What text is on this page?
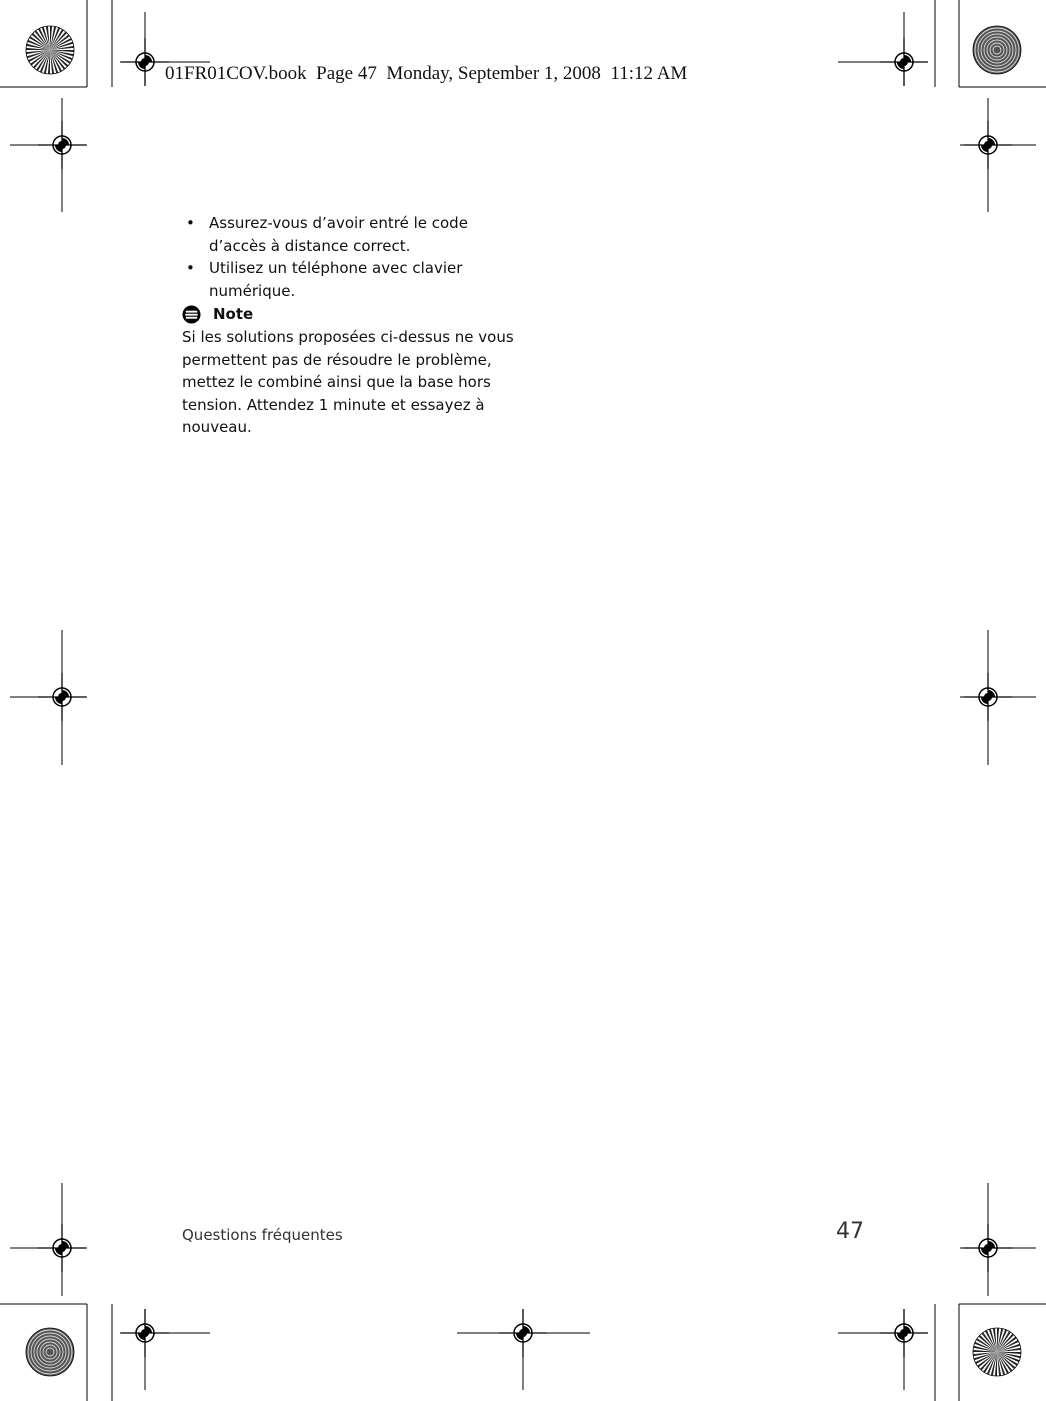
01FR01COV.book  Page 47  Monday, September 1, 2008  11:12 AM
• Assurez-vous d’avoir entré le code d’accès à distance correct.
• Utilisez un téléphone avec clavier numérique.
Note

Si les solutions proposées ci-dessus ne vous permettent pas de résoudre le problème, mettez le combiné ainsi que la base hors tension. Attendez 1 minute et essayez à nouveau.

Questions fréquentes	47
